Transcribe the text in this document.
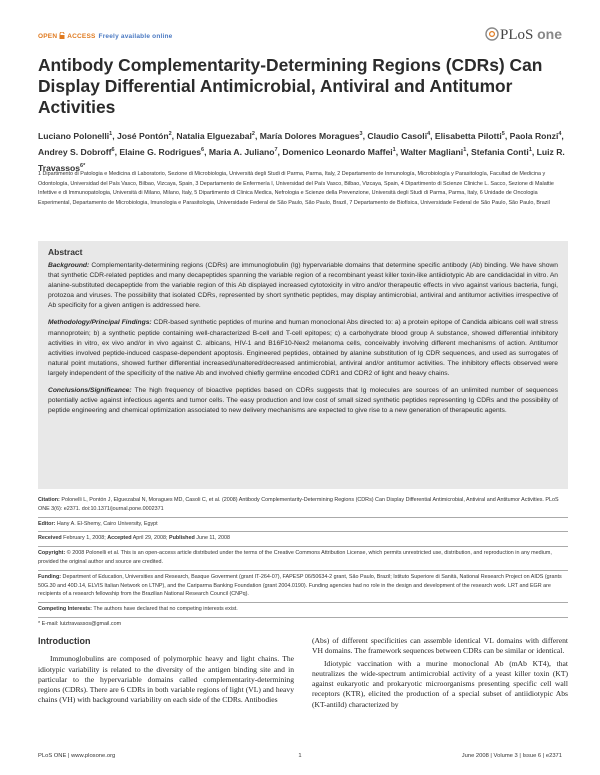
OPEN ACCESS Freely available online	PLoS one
Antibody Complementarity-Determining Regions (CDRs) Can Display Differential Antimicrobial, Antiviral and Antitumor Activities
Luciano Polonelli$^1$, José Pontón$^2$, Natalia Elguezabal$^2$, María Dolores Moragues$^3$, Claudio Casoli$^4$, Elisabetta Pilotti$^5$, Paola Ronzi$^4$, Andrey S. Dobroff$^6$, Elaine G. Rodrigues$^6$, Maria A. Juliano$^7$, Domenico Leonardo Maffei$^1$, Walter Magliani$^1$, Stefania Conti$^1$, Luiz R. Travassos$^{6*}$
1 Dipartimento di Patologia e Medicina di Laboratorio, Sezione di Microbiologia, Università degli Studi di Parma, Parma, Italy, 2 Departamento de Inmunología, Microbiología y Parasitología, Facultad de Medicina y Odontología, Universidad del País Vasco, Bilbao, Vizcaya, Spain, 3 Departamento de Enfermería I, Universidad del País Vasco, Bilbao, Vizcaya, Spain, 4 Dipartimento di Scienze Cliniche L. Sacco, Sezione di Malattie Infettive e di Immunopatologia, Università di Milano, Milano, Italy, 5 Dipartimento di Clinica Medica, Nefrologia e Scienze della Prevenzione, Università degli Studi di Parma, Parma, Italy, 6 Unidade de Oncologia Experimental, Departamento de Microbiologia, Imunologia e Parasitologia, Universidade Federal de São Paulo, São Paulo, Brazil, 7 Departamento de Biofísica, Universidade Federal de São Paulo, São Paulo, Brazil
Abstract

Background: Complementarity-determining regions (CDRs) are immunoglobulin (Ig) hypervariable domains that determine specific antibody (Ab) binding. We have shown that synthetic CDR-related peptides and many decapeptides spanning the variable region of a recombinant yeast killer toxin-like antiidiotypic Ab are candidacidal in vitro. An alanine-substituted decapeptide from the variable region of this Ab displayed increased cytotoxicity in vitro and/or therapeutic effects in vivo against various bacteria, fungi, protozoa and viruses. The possibility that isolated CDRs, represented by short synthetic peptides, may display antimicrobial, antiviral and antitumor activities irrespective of Ab specificity for a given antigen is addressed here.

Methodology/Principal Findings: CDR-based synthetic peptides of murine and human monoclonal Abs directed to: a) a protein epitope of Candida albicans cell wall stress mannoprotein; b) a synthetic peptide containing well-characterized B-cell and T-cell epitopes; c) a carbohydrate blood group A substance, showed differential inhibitory activities in vitro, ex vivo and/or in vivo against C. albicans, HIV-1 and B16F10-Nex2 melanoma cells, conceivably involving different mechanisms of action. Antitumor activities involved peptide-induced caspase-dependent apoptosis. Engineered peptides, obtained by alanine substitution of Ig CDR sequences, and used as surrogates of natural point mutations, showed further differential increased/unaltered/decreased antimicrobial, antiviral and/or antitumor activities. The inhibitory effects observed were largely independent of the specificity of the native Ab and involved chiefly germline encoded CDR1 and CDR2 of light and heavy chains.

Conclusions/Significance: The high frequency of bioactive peptides based on CDRs suggests that Ig molecules are sources of an unlimited number of sequences potentially active against infectious agents and tumor cells. The easy production and low cost of small sized synthetic peptides representing Ig CDRs and the possibility of peptide engineering and chemical optimization associated to new delivery mechanisms are expected to give rise to a new generation of therapeutic agents.

Citation: Polonelli L, Pontón J, Elguezabal N, Moragues MD, Casoli C, et al. (2008) Antibody Complementarity-Determining Regions (CDRs) Can Display Differential Antimicrobial, Antiviral and Antitumor Activities. PLoS ONE 3(6): e2371. doi:10.1371/journal.pone.0002371
Editor: Hany A. El-Shemy, Cairo University, Egypt
Received February 1, 2008; Accepted April 29, 2008; Published June 11, 2008
Copyright: © 2008 Polonelli et al. This is an open-access article distributed under the terms of the Creative Commons Attribution License, which permits unrestricted use, distribution, and reproduction in any medium, provided the original author and source are credited.
Funding: Department of Education, Universities and Research, Basque Goverment (grant IT-264-07), FAPESP 06/50634-2 grant, São Paulo, Brazil; Istituto Superiore di Sanità, National Research Project on AIDS (grants 50G.30 and 40D.14, ELVIS Italian Network on LTNP), and the Cariparma Banking Foundation (grant 2004.0190). Funding agencies had no role in the design and development of the research work. LRT and EGR are recipients of a research fellowship from the Brazilian National Research Council (CNPq).
Competing Interests: The authors have declared that no competing interests exist.
* E-mail: luiztravassos@gmail.com
Introduction

Immunoglobulins are composed of polymorphic heavy and light chains. The idiotypic variability is related to the diversity of the antigen binding site and in particular to the hypervariable domains called complementarity-determining regions (CDRs). There are 6 CDRs in both variable regions of light (VL) and heavy chains (VH) with background variability on each side of the CDRs. Antibodies

(Abs) of different specificities can assemble identical VL domains with different VH domains. The framework sequences between CDRs can be similar or identical.

Idiotypic vaccination with a murine monoclonal Ab (mAb KT4), that neutralizes the wide-spectrum antimicrobial activity of a yeast killer toxin (KT) against eukaryotic and prokaryotic microorganisms presenting specific cell wall receptors (KTR), elicited the production of a special subset of antiidiotypic Abs (KT-antiId) characterized by

PLoS ONE | www.plosone.org	1	June 2008 | Volume 3 | Issue 6 | e2371
